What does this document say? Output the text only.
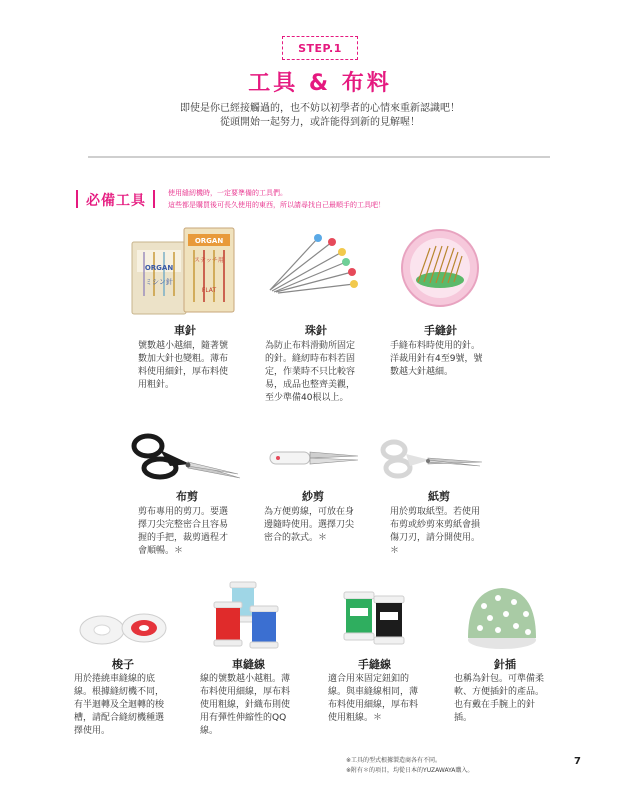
STEP.1
工具 & 布料
即使是你已經接觸過的，也不妨以初學者的心情來重新認識吧！
從頭開始一起努力，或許能得到新的見解喔！
必備工具	使用縫紉機時，一定要準備的工具們。
這些都是購買後可長久使用的東西，所以請尋找自己最順手的工具吧！
ORGAN
ミシン針
ORGAN
ステッチ用
FLAT
車針
號數越小越細，隨著號
數加大針也變粗。薄布
料使用細針，厚布料使
用粗針。
珠針
為防止布料滑動所固定
的針。縫紉時布料若固
定，作業時不只比較容
易，成品也整齊美觀，
至少準備40根以上。
手縫針
手縫布料時使用的針。
洋裁用針有4至9號，號
數越大針越細。
布剪
剪布專用的剪刀。要選
擇刀尖完整密合且容易
握的手把，裁剪過程才
會順暢。＊
紗剪
為方便剪線，可放在身
邊隨時使用。選擇刀尖
密合的款式。＊
紙剪
用於剪取紙型。若使用
布剪或紗剪來剪紙會損
傷刀刃，請分開使用。
＊
梭子
用於捲繞車縫線的底
線。根據縫紉機不同，
有半迴轉及全迴轉的梭
槽，請配合縫紉機種選
擇使用。
車縫線
線的號數越小越粗。薄
布料使用細線，厚布料
使用粗線，針織布則使
用有彈性伸縮性的QQ
線。
手縫線
適合用來固定鈕釦的
線。與車縫線相同，薄
布料使用細線，厚布料
使用粗線。＊
針插
也稱為針包。可準備柔
軟、方便插針的產品。
也有戴在手腕上的針
插。
※工具的型式根據製造商各有不同。
※附有＊的項目，均從日本的YUZAWAYA購入。
7
